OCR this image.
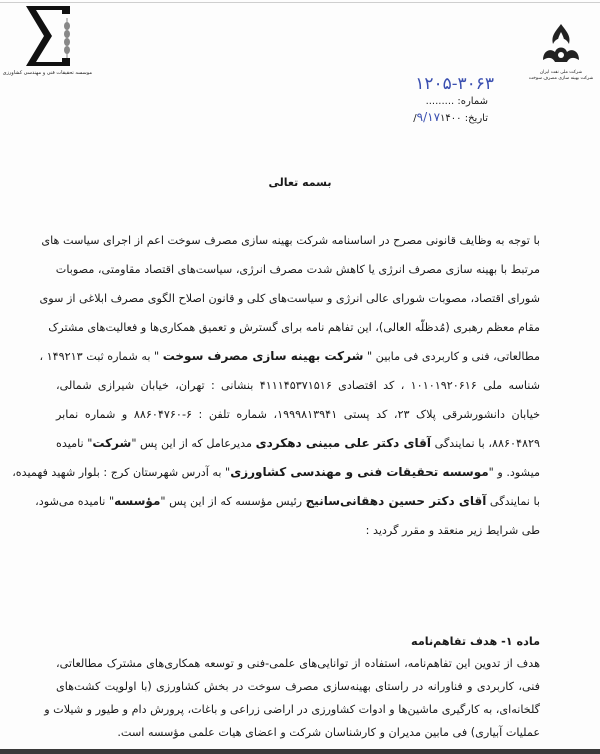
موسسه تحقیقات فنی و مهندسی کشاورزی	شرکت ملی نفت ایران
شرکت بهینه سازی مصرف سوخت
۱۲۰۵-۳۰۶۳
شماره: .........
تاریخ: ۹/۱۷۱۴۰۰/
بسمه تعالی
با توجه به وظایف قانونی مصرح در اساسنامه شرکت بهینه سازی مصرف سوخت اعم از اجرای سیاست های
مرتبط با بهینه سازی مصرف انرژی یا کاهش شدت مصرف انرژی، سیاست‌های اقتصاد مقاومتی، مصوبات
شورای اقتصاد، مصوبات شورای عالی انرژی و سیاست‌های کلی و قانون اصلاح الگوی مصرف ابلاغی از سوی
مقام معظم رهبری (مُدظلّه العالی)، این تفاهم نامه برای گسترش و تعمیق همکاری‌ها و فعالیت‌های مشترک
مطالعاتی، فنی و کاربردی فی مابین " شرکت بهینه سازی مصرف سوخت " به شماره ثبت ۱۴۹۲۱۳ ،
شناسه ملی ۱۰۱۰۱۹۲۰۶۱۶ ، کد اقتصادی ۴۱۱۱۴۵۳۷۱۵۱۶ بنشانی : تهران، خیابان شیرازی شمالی،
خیابان دانشورشرقی پلاک ۲۳، کد پستی ۱۹۹۹۸۱۳۹۴۱، شماره تلفن : ۶-۸۸۶۰۴۷۶۰ و شماره نمابر
۸۸۶۰۴۸۲۹، با نمایندگی آقای دکتر علی مبینی دهکردی مدیرعامل که از این پس "شرکت" نامیده
میشود. و "موسسه تحقیقات فنی و مهندسی کشاورزی" به آدرس شهرستان کرج : بلوار شهید فهمیده،
با نمایندگی آقای دکتر حسین دهقانی‌سانیج رئیس مؤسسه که از این پس "مؤسسه" نامیده می‌شود،
طی شرایط زیر منعقد و مقرر گردید :
ماده ۱- هدف تفاهم‌نامه
هدف از تدوین این تفاهم‌نامه، استفاده از توانایی‌های علمی-فنی و توسعه همکاری‌های مشترک مطالعاتی،
فنی، کاربردی و فناورانه در راستای بهینه‌سازی مصرف سوخت در بخش کشاورزی (با اولویت کشت‌های
گلخانه‌ای، به کارگیری ماشین‌ها و ادوات کشاورزی در اراضی زراعی و باغات، پرورش دام و طیور و شیلات و
عملیات آبیاری) فی مابین مدیران و کارشناسان شرکت و اعضای هیات علمی مؤسسه است.
